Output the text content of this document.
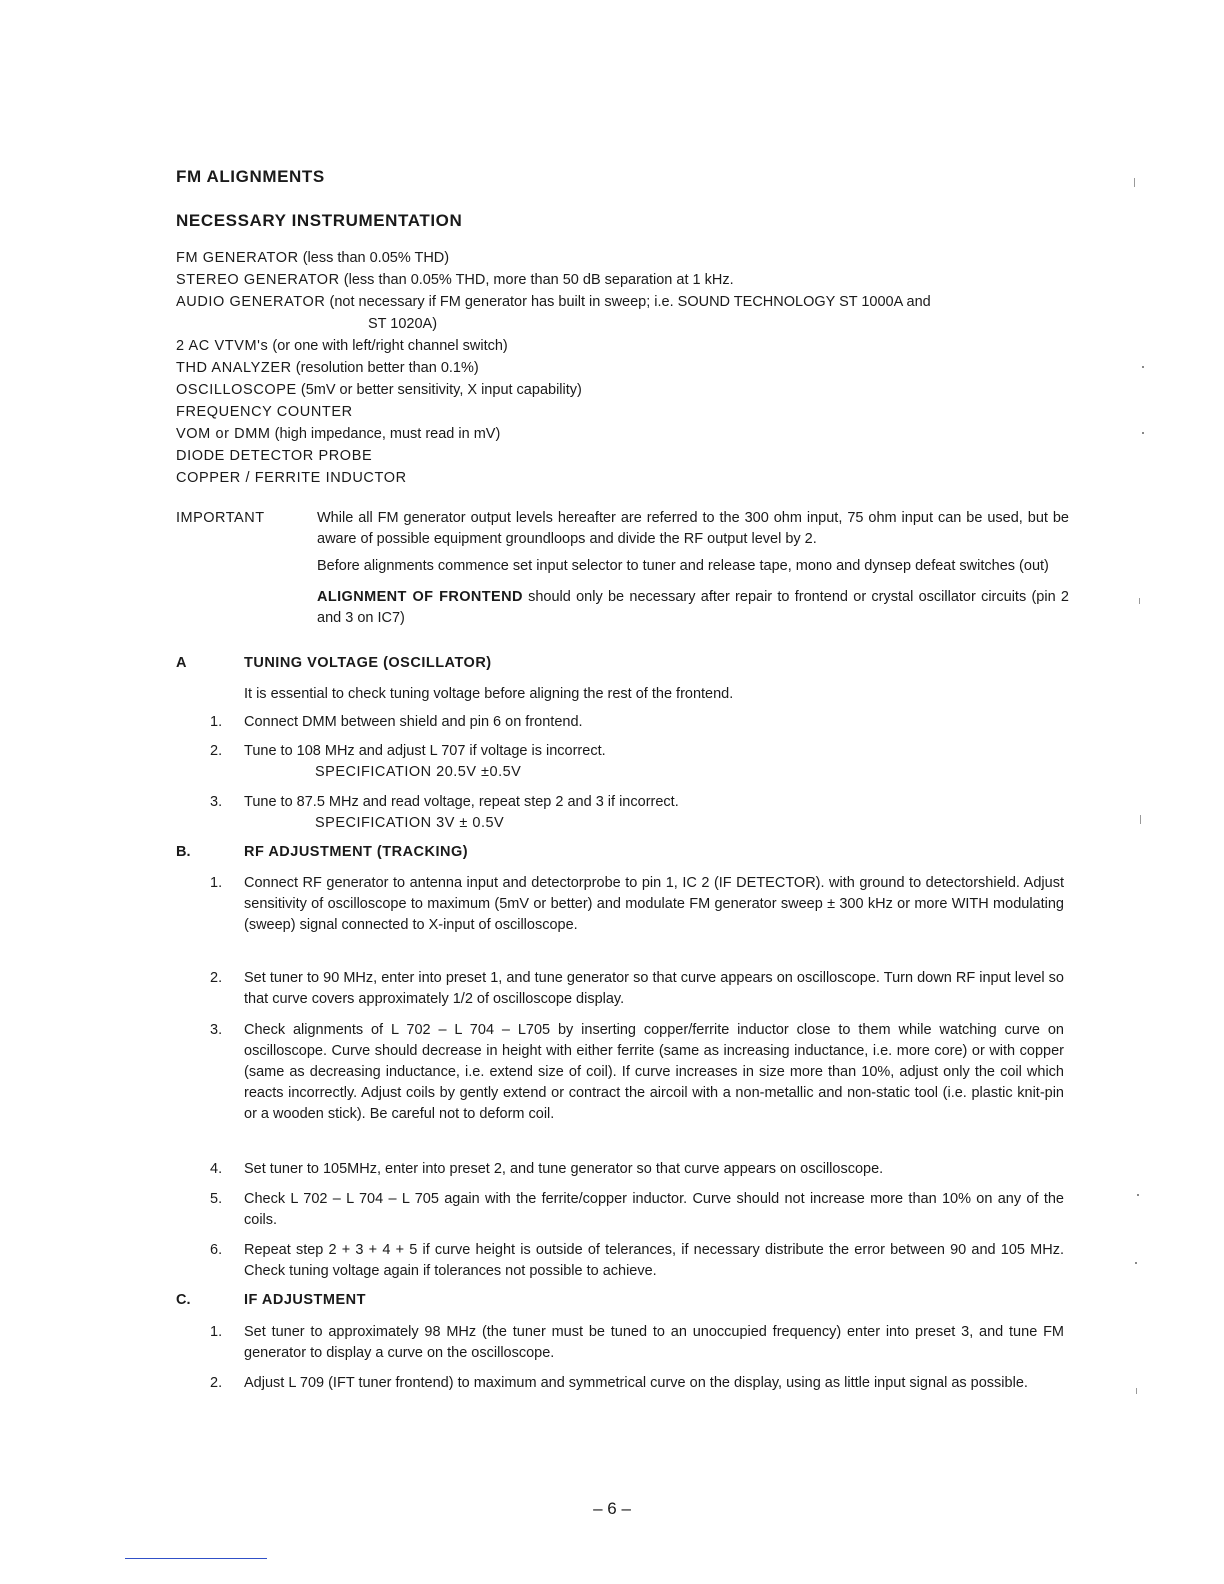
FM ALIGNMENTS
NECESSARY INSTRUMENTATION
FM GENERATOR (less than 0.05% THD)
STEREO GENERATOR (less than 0.05% THD, more than 50 dB separation at 1 kHz.
AUDIO GENERATOR (not necessary if FM generator has built in sweep; i.e. SOUND TECHNOLOGY ST 1000A and
ST 1020A)
2 AC VTVM's (or one with left/right channel switch)
THD ANALYZER (resolution better than 0.1%)
OSCILLOSCOPE (5mV or better sensitivity, X input capability)
FREQUENCY COUNTER
VOM or DMM (high impedance, must read in mV)
DIODE DETECTOR PROBE
COPPER / FERRITE INDUCTOR
IMPORTANT	While all FM generator output levels hereafter are referred to the 300 ohm input, 75 ohm input can be used, but be aware of possible equipment groundloops and divide the RF output level by 2.

Before alignments commence set input selector to tuner and release tape, mono and dynsep defeat switches (out)

ALIGNMENT OF FRONTEND should only be necessary after repair to frontend or crystal oscillator circuits (pin 2 and 3 on IC7)

A	TUNING VOLTAGE (OSCILLATOR)
It is essential to check tuning voltage before aligning the rest of the frontend.
1. Connect DMM between shield and pin 6 on frontend.
2. Tune to 108 MHz and adjust L 707 if voltage is incorrect.
SPECIFICATION 20.5V ±0.5V
3. Tune to 87.5 MHz and read voltage, repeat step 2 and 3 if incorrect.
SPECIFICATION 3V ± 0.5V
B.	RF ADJUSTMENT (TRACKING)
1. Connect RF generator to antenna input and detectorprobe to pin 1, IC 2 (IF DETECTOR). with ground to detectorshield. Adjust sensitivity of oscilloscope to maximum (5mV or better) and modulate FM generator sweep ± 300 kHz or more WITH modulating (sweep) signal connected to X-input of oscilloscope.
2. Set tuner to 90 MHz, enter into preset 1, and tune generator so that curve appears on oscilloscope. Turn down RF input level so that curve covers approximately 1/2 of oscilloscope display.
3. Check alignments of L 702 – L 704 – L705 by inserting copper/ferrite inductor close to them while watching curve on oscilloscope. Curve should decrease in height with either ferrite (same as increasing inductance, i.e. more core) or with copper (same as decreasing inductance, i.e. extend size of coil). If curve increases in size more than 10%, adjust only the coil which reacts incorrectly. Adjust coils by gently extend or contract the aircoil with a non-metallic and non-static tool (i.e. plastic knit-pin or a wooden stick). Be careful not to deform coil.
4. Set tuner to 105MHz, enter into preset 2, and tune generator so that curve appears on oscilloscope.
5. Check L 702 – L 704 – L 705 again with the ferrite/copper inductor. Curve should not increase more than 10% on any of the coils.
6. Repeat step 2 + 3 + 4 + 5 if curve height is outside of telerances, if necessary distribute the error between 90 and 105 MHz. Check tuning voltage again if tolerances not possible to achieve.
C.	IF ADJUSTMENT
1. Set tuner to approximately 98 MHz (the tuner must be tuned to an unoccupied frequency) enter into preset 3, and tune FM generator to display a curve on the oscilloscope.
2. Adjust L 709 (IFT tuner frontend) to maximum and symmetrical curve on the display, using as little input signal as possible.
– 6 –
